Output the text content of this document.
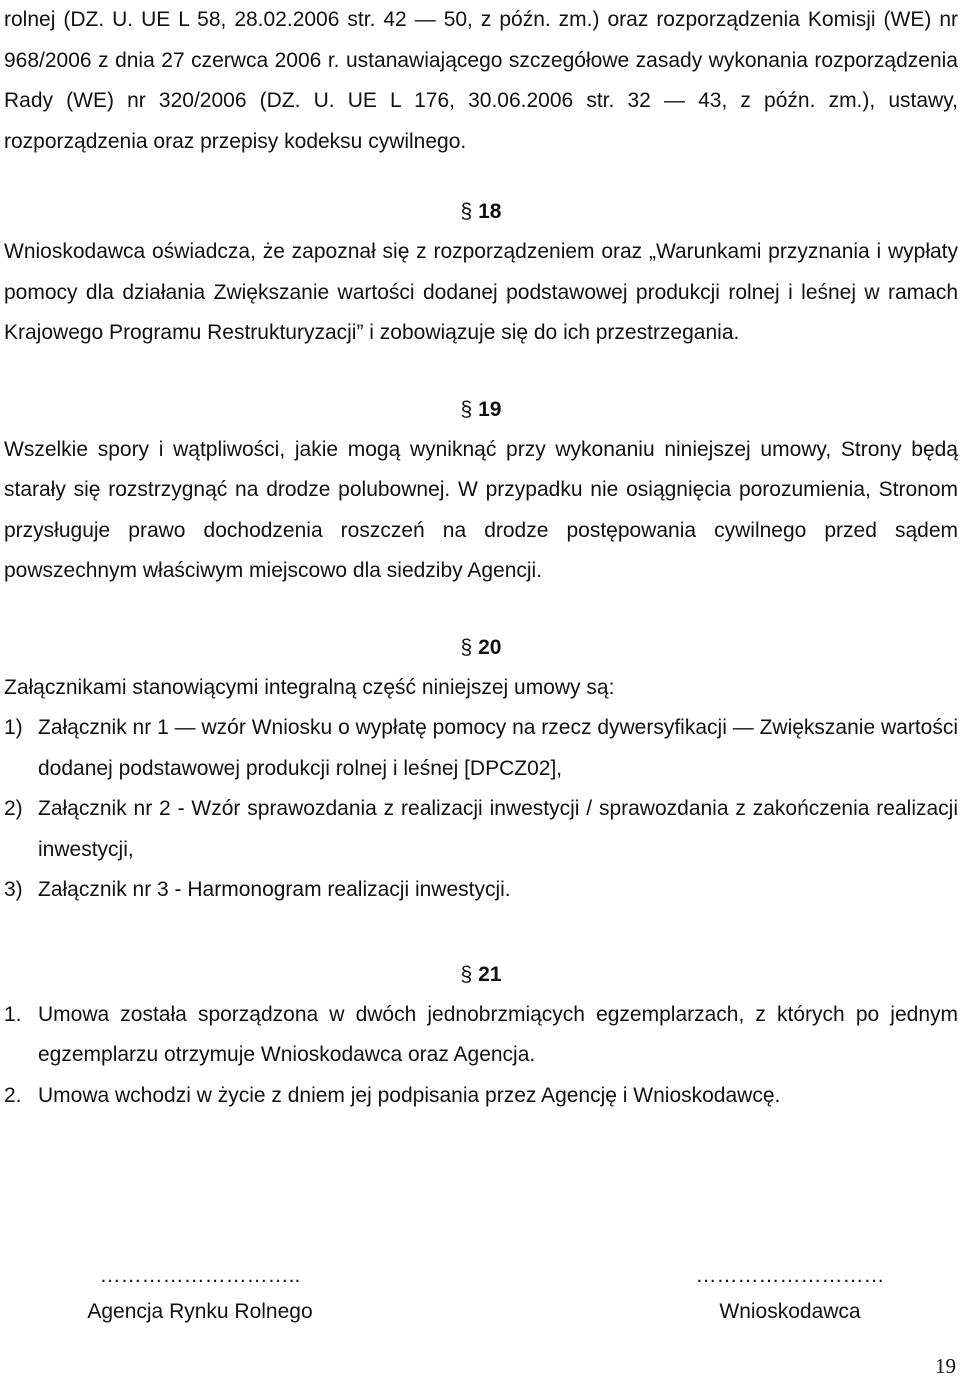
rolnej (DZ. U. UE L 58, 28.02.2006 str. 42 — 50, z późn. zm.) oraz rozporządzenia Komisji (WE) nr 968/2006 z dnia 27 czerwca 2006 r. ustanawiającego szczegółowe zasady wykonania rozporządzenia Rady (WE) nr 320/2006 (DZ. U. UE L 176, 30.06.2006 str. 32 — 43, z późn. zm.), ustawy, rozporządzenia oraz przepisy kodeksu cywilnego.

§ 18

Wnioskodawca oświadcza, że zapoznał się z rozporządzeniem oraz „Warunkami przyznania i wypłaty pomocy dla działania Zwiększanie wartości dodanej podstawowej produkcji rolnej i leśnej w ramach Krajowego Programu Restrukturyzacji” i zobowiązuje się do ich przestrzegania.

§ 19

Wszelkie spory i wątpliwości, jakie mogą wyniknąć przy wykonaniu niniejszej umowy, Strony będą starały się rozstrzygnąć na drodze polubownej. W przypadku nie osiągnięcia porozumienia, Stronom przysługuje prawo dochodzenia roszczeń na drodze postępowania cywilnego przed sądem powszechnym właściwym miejscowo dla siedziby Agencji.

§ 20

Załącznikami stanowiącymi integralną część niniejszej umowy są:

1) Załącznik nr 1 — wzór Wniosku o wypłatę pomocy na rzecz dywersyfikacji — Zwiększanie wartości dodanej podstawowej produkcji rolnej i leśnej [DPCZ02],
2) Załącznik nr 2 - Wzór sprawozdania z realizacji inwestycji / sprawozdania z zakończenia realizacji inwestycji,
3) Załącznik nr 3 - Harmonogram realizacji inwestycji.

§ 21

1. Umowa została sporządzona w dwóch jednobrzmiących egzemplarzach, z których po jednym egzemplarzu otrzymuje Wnioskodawca oraz Agencja.
2. Umowa wchodzi w życie z dniem jej podpisania przez Agencję i Wnioskodawcę.
………………………..
Agencja Rynku Rolnego
………………………
Wnioskodawca
19
